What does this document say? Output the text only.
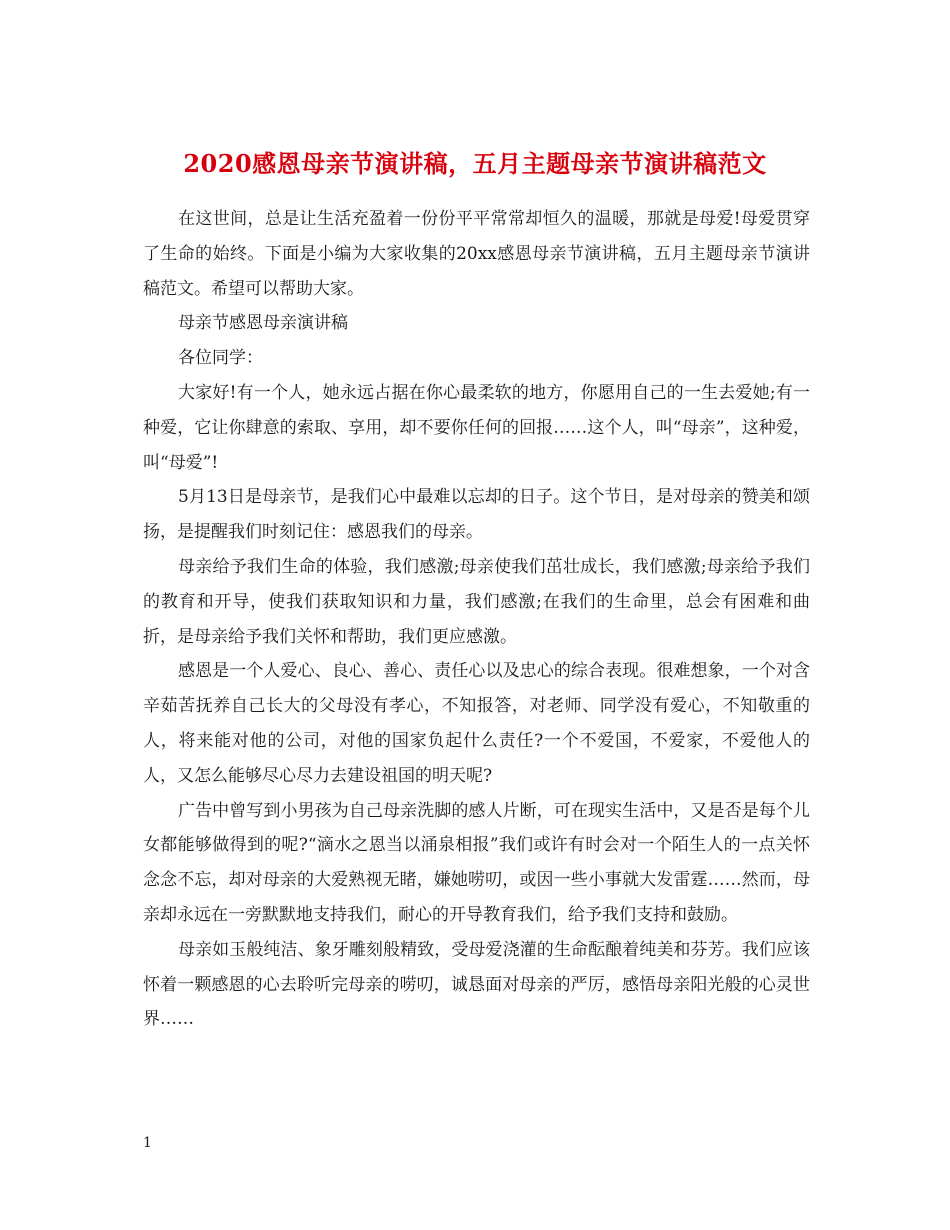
2020感恩母亲节演讲稿，五月主题母亲节演讲稿范文

在这世间，总是让生活充盈着一份份平平常常却恒久的温暖，那就是母爱!母爱贯穿了生命的始终。下面是小编为大家收集的20xx感恩母亲节演讲稿，五月主题母亲节演讲稿范文。希望可以帮助大家。

母亲节感恩母亲演讲稿

各位同学：

大家好!有一个人，她永远占据在你心最柔软的地方，你愿用自己的一生去爱她;有一种爱，它让你肆意的索取、享用，却不要你任何的回报……这个人，叫“母亲”，这种爱，叫“母爱”!

5月13日是母亲节，是我们心中最难以忘却的日子。这个节日，是对母亲的赞美和颂扬，是提醒我们时刻记住：感恩我们的母亲。

母亲给予我们生命的体验，我们感激;母亲使我们茁壮成长，我们感激;母亲给予我们的教育和开导，使我们获取知识和力量，我们感激;在我们的生命里，总会有困难和曲折，是母亲给予我们关怀和帮助，我们更应感激。

感恩是一个人爱心、良心、善心、责任心以及忠心的综合表现。很难想象，一个对含辛茹苦抚养自己长大的父母没有孝心，不知报答，对老师、同学没有爱心，不知敬重的人，将来能对他的公司，对他的国家负起什么责任?一个不爱国，不爱家，不爱他人的人，又怎么能够尽心尽力去建设祖国的明天呢?

广告中曾写到小男孩为自己母亲洗脚的感人片断，可在现实生活中，又是否是每个儿女都能够做得到的呢?“滴水之恩当以涌泉相报”我们或许有时会对一个陌生人的一点关怀念念不忘，却对母亲的大爱熟视无睹，嫌她唠叨，或因一些小事就大发雷霆……然而，母亲却永远在一旁默默地支持我们，耐心的开导教育我们，给予我们支持和鼓励。

母亲如玉般纯洁、象牙雕刻般精致，受母爱浇灌的生命酝酿着纯美和芬芳。我们应该怀着一颗感恩的心去聆听完母亲的唠叨，诚恳面对母亲的严厉，感悟母亲阳光般的心灵世界……

1
